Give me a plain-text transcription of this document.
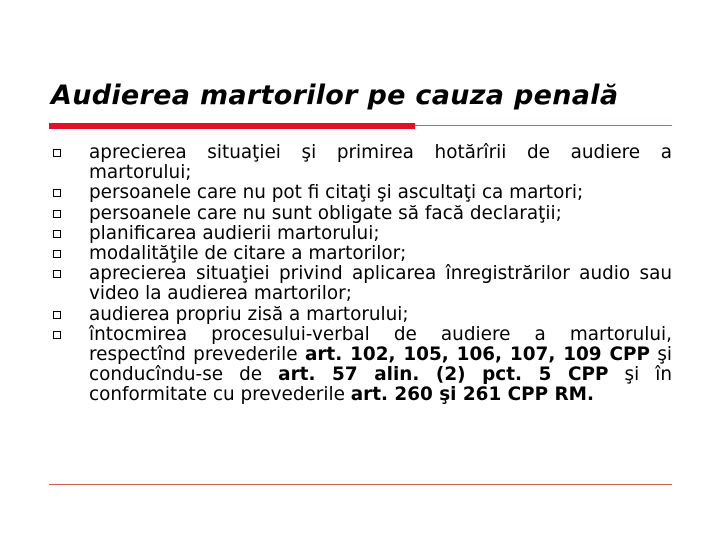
Audierea martorilor pe cauza penală
aprecierea situaţiei şi primirea hotărîrii de audiere a martorului;
persoanele care nu pot fi citaţi şi ascultaţi ca martori;
persoanele care nu sunt obligate să facă declaraţii;
planificarea audierii martorului;
modalităţile de citare a martorilor;
aprecierea situaţiei privind aplicarea înregistrărilor audio sau video la audierea martorilor;
audierea propriu zisă a martorului;
întocmirea procesului-verbal de audiere a martorului, respectînd prevederile art. 102, 105, 106, 107, 109 CPP şi conducîndu-se de art. 57 alin. (2) pct. 5 CPP şi în conformitate cu prevederile art. 260 şi 261 CPP RM.
